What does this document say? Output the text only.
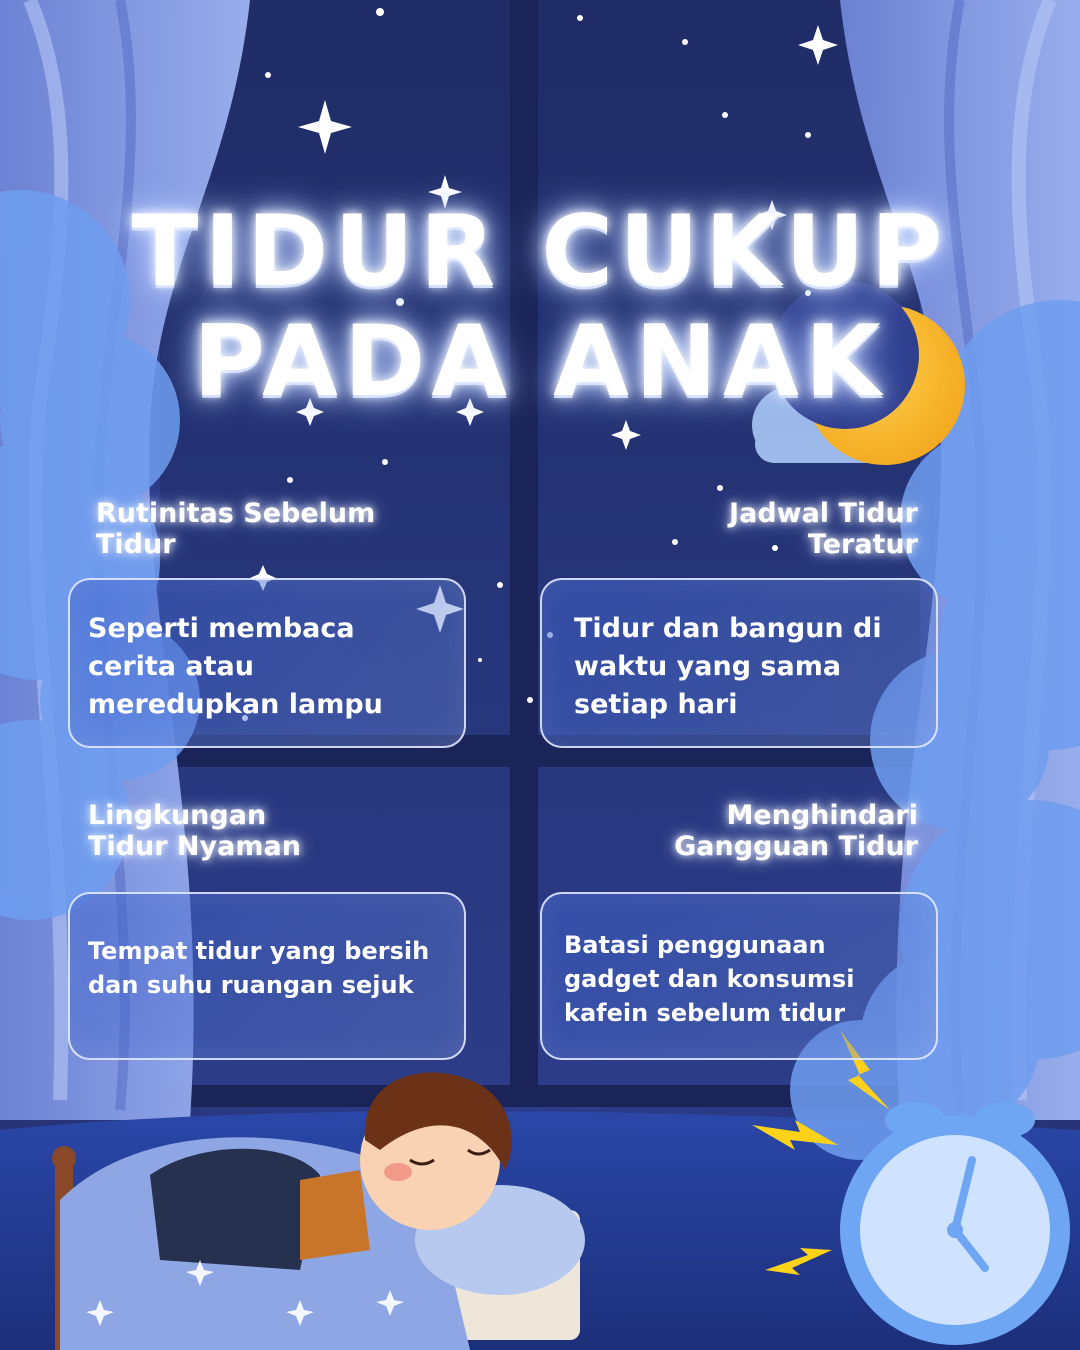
TIDUR CUKUP
PADA ANAK
Rutinitas Sebelum
Tidur

Seperti membaca cerita atau meredupkan lampu

Jadwal Tidur
Teratur

Tidur dan bangun di waktu yang sama setiap hari

Lingkungan
Tidur Nyaman

Tempat tidur yang bersih dan suhu ruangan sejuk

Menghindari
Gangguan Tidur

Batasi penggunaan gadget dan konsumsi kafein sebelum tidur
